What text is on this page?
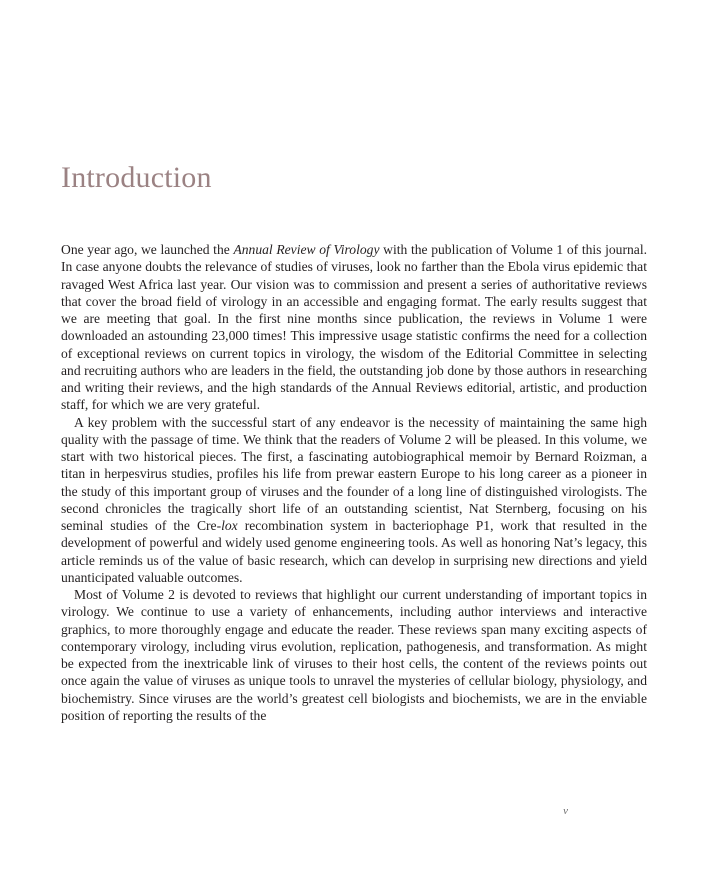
Introduction

One year ago, we launched the Annual Review of Virology with the publication of Volume 1 of this journal. In case anyone doubts the relevance of studies of viruses, look no farther than the Ebola virus epidemic that ravaged West Africa last year. Our vision was to commission and present a series of authoritative reviews that cover the broad field of virology in an accessible and engaging format. The early results suggest that we are meeting that goal. In the first nine months since publication, the reviews in Volume 1 were downloaded an astounding 23,000 times! This impressive usage statistic confirms the need for a collection of exceptional reviews on current topics in virology, the wisdom of the Editorial Committee in selecting and recruiting authors who are leaders in the field, the outstanding job done by those authors in researching and writing their reviews, and the high standards of the Annual Reviews editorial, artistic, and production staff, for which we are very grateful.

A key problem with the successful start of any endeavor is the necessity of maintaining the same high quality with the passage of time. We think that the readers of Volume 2 will be pleased. In this volume, we start with two historical pieces. The first, a fascinating autobiographical memoir by Bernard Roizman, a titan in herpesvirus studies, profiles his life from prewar eastern Europe to his long career as a pioneer in the study of this important group of viruses and the founder of a long line of distinguished virologists. The second chronicles the tragically short life of an outstanding scientist, Nat Sternberg, focusing on his seminal studies of the Cre-lox recombination system in bacteriophage P1, work that resulted in the development of powerful and widely used genome engineering tools. As well as honoring Nat’s legacy, this article reminds us of the value of basic research, which can develop in surprising new directions and yield unanticipated valuable outcomes.

Most of Volume 2 is devoted to reviews that highlight our current understanding of important topics in virology. We continue to use a variety of enhancements, including author interviews and interactive graphics, to more thoroughly engage and educate the reader. These reviews span many exciting aspects of contemporary virology, including virus evolution, replication, pathogenesis, and transformation. As might be expected from the inextricable link of viruses to their host cells, the content of the reviews points out once again the value of viruses as unique tools to unravel the mysteries of cellular biology, physiology, and biochemistry. Since viruses are the world’s greatest cell biologists and biochemists, we are in the enviable position of reporting the results of the

v
